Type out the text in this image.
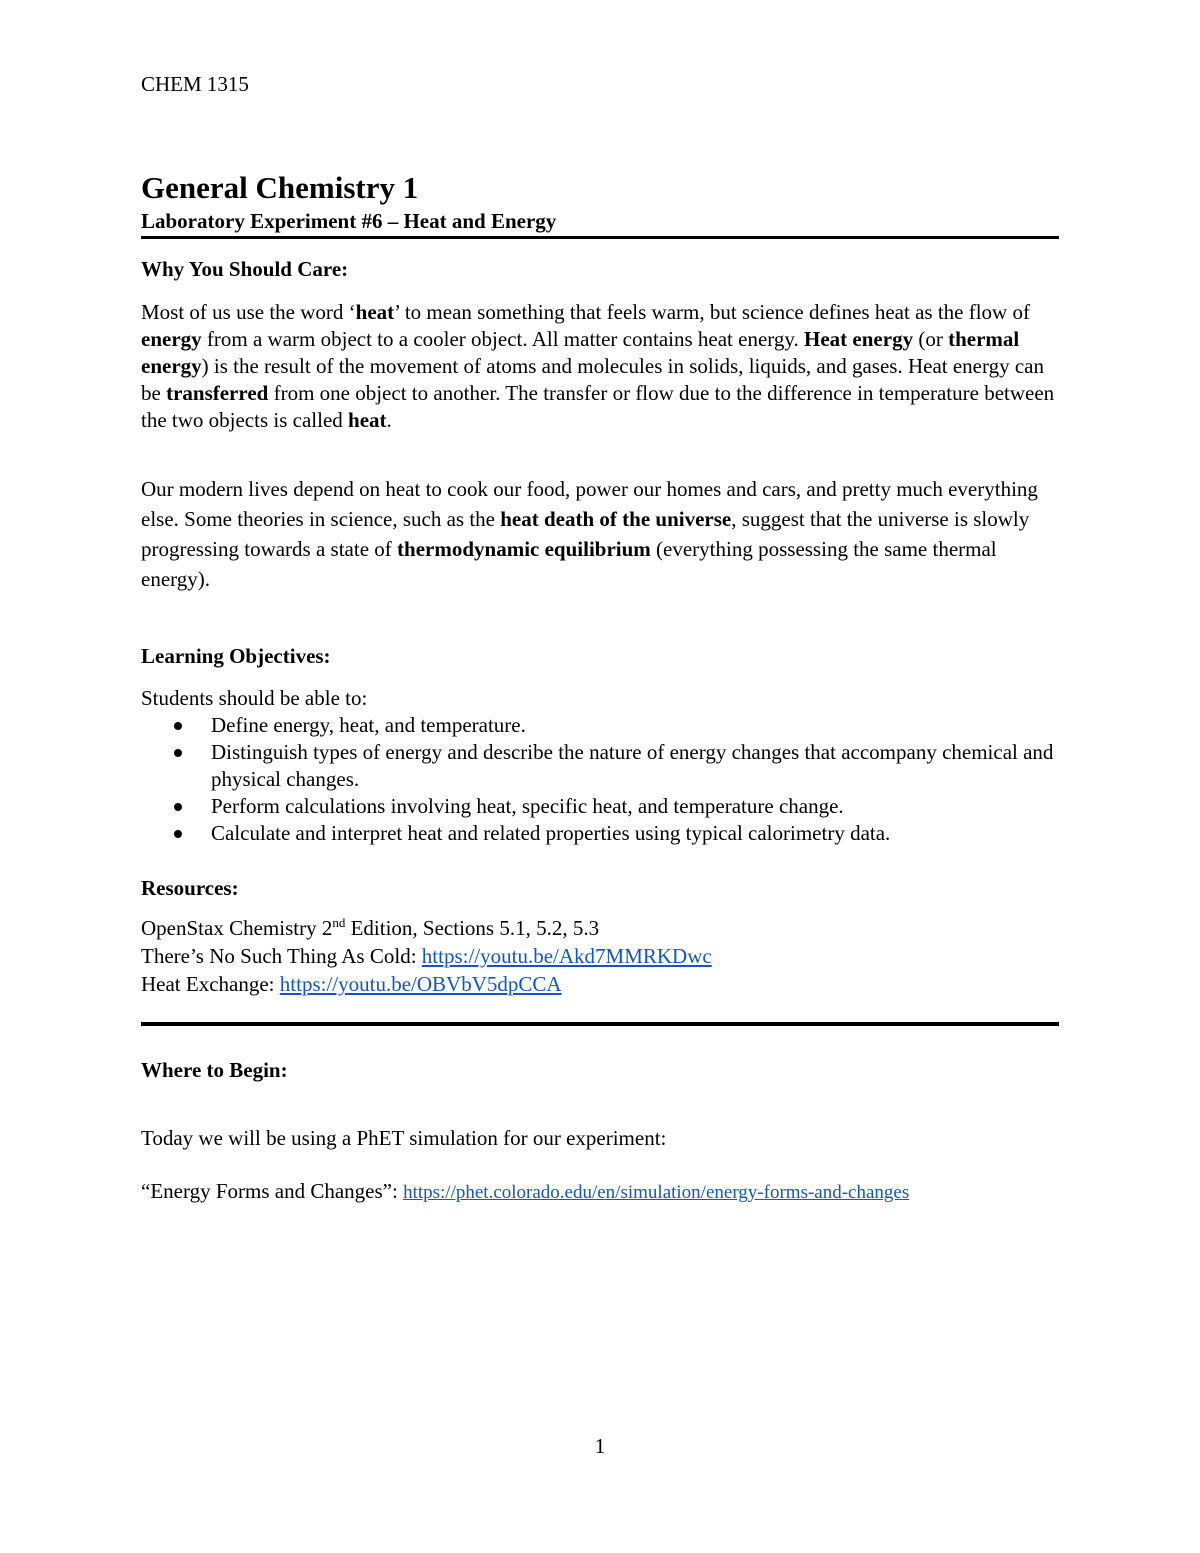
CHEM 1315
General Chemistry 1
Laboratory Experiment #6 – Heat and Energy
Why You Should Care:

Most of us use the word ‘heat’ to mean something that feels warm, but science defines heat as the flow of energy from a warm object to a cooler object. All matter contains heat energy. Heat energy (or thermal energy) is the result of the movement of atoms and molecules in solids, liquids, and gases. Heat energy can be transferred from one object to another. The transfer or flow due to the difference in temperature between the two objects is called heat.

Our modern lives depend on heat to cook our food, power our homes and cars, and pretty much everything else. Some theories in science, such as the heat death of the universe, suggest that the universe is slowly progressing towards a state of thermodynamic equilibrium (everything possessing the same thermal energy).

Learning Objectives:

Students should be able to:

Define energy, heat, and temperature.
Distinguish types of energy and describe the nature of energy changes that accompany chemical and physical changes.
Perform calculations involving heat, specific heat, and temperature change.
Calculate and interpret heat and related properties using typical calorimetry data.
Resources:

OpenStax Chemistry 2nd Edition, Sections 5.1, 5.2, 5.3

There’s No Such Thing As Cold: https://youtu.be/Akd7MMRKDwc

Heat Exchange: https://youtu.be/OBVbV5dpCCA

Where to Begin:

Today we will be using a PhET simulation for our experiment:

“Energy Forms and Changes”: https://phet.colorado.edu/en/simulation/energy-forms-and-changes

1
